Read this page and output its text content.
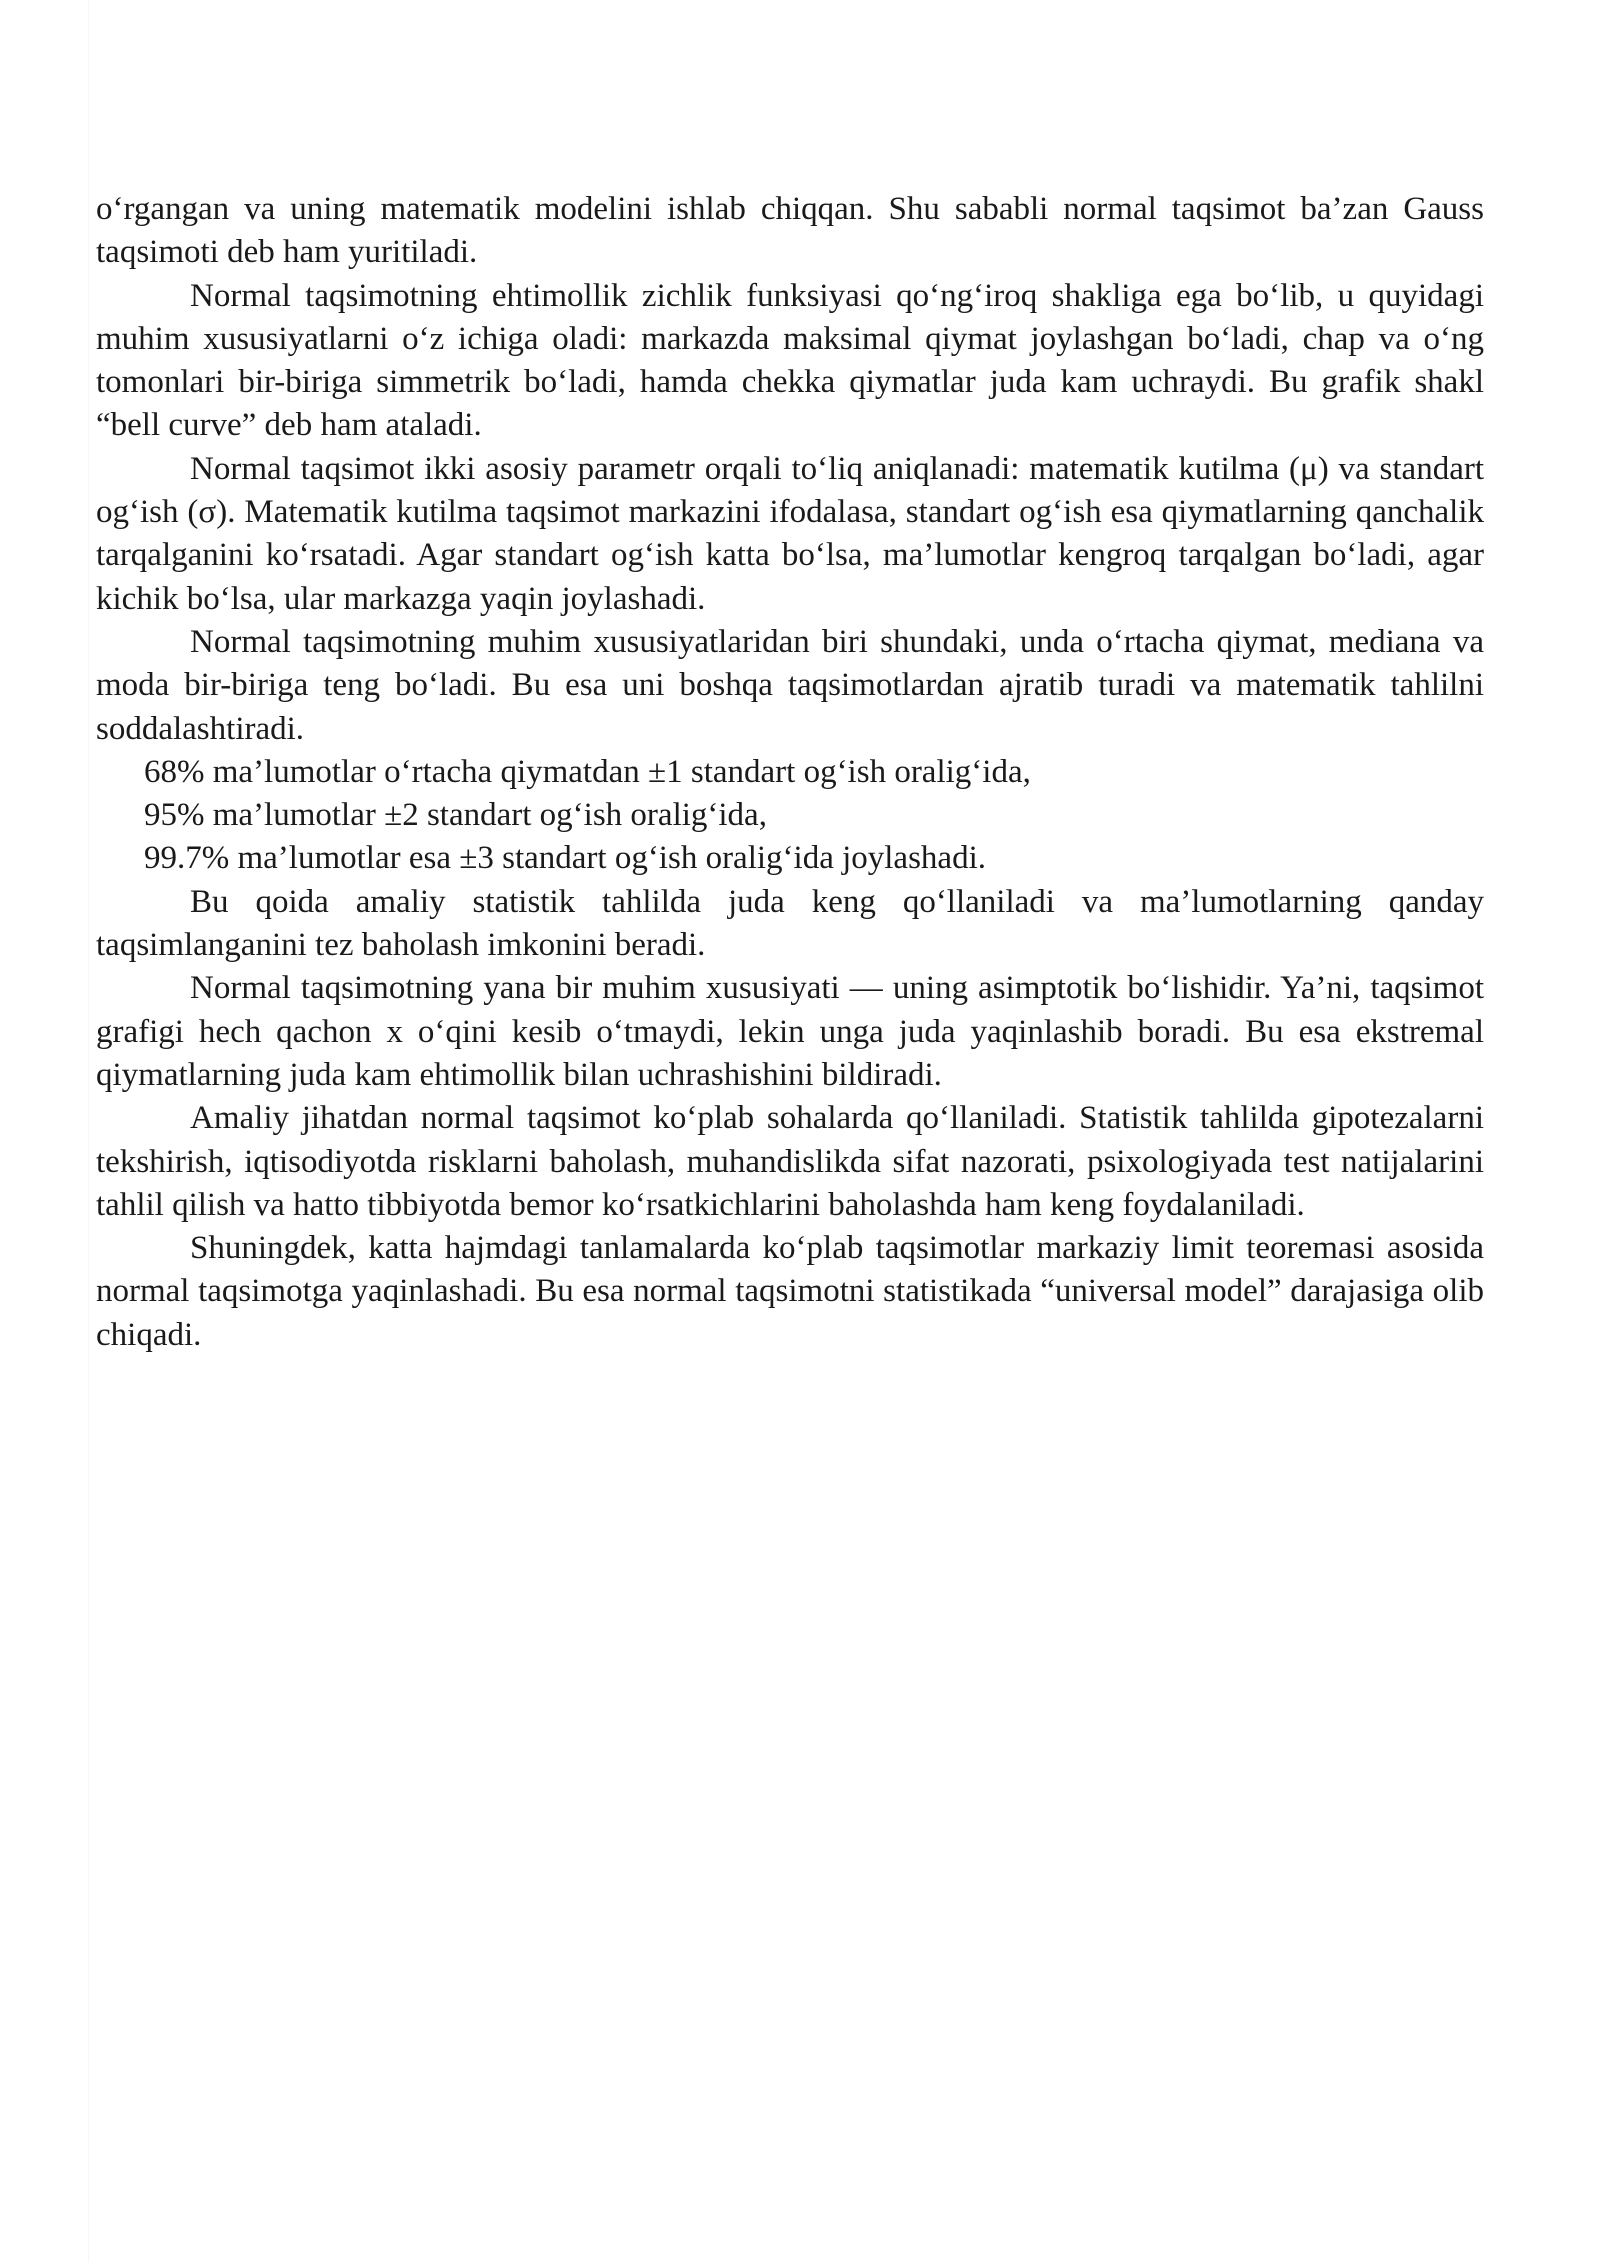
o‘rgangan va uning matematik modelini ishlab chiqqan. Shu sababli normal taqsimot ba’zan Gauss taqsimoti deb ham yuritiladi.

Normal taqsimotning ehtimollik zichlik funksiyasi qo‘ng‘iroq shakliga ega bo‘lib, u quyidagi muhim xususiyatlarni o‘z ichiga oladi: markazda maksimal qiymat joylashgan bo‘ladi, chap va o‘ng tomonlari bir-biriga simmetrik bo‘ladi, hamda chekka qiymatlar juda kam uchraydi. Bu grafik shakl “bell curve” deb ham ataladi.

Normal taqsimot ikki asosiy parametr orqali to‘liq aniqlanadi: matematik kutilma (μ) va standart og‘ish (σ). Matematik kutilma taqsimot markazini ifodalasa, standart og‘ish esa qiymatlarning qanchalik tarqalganini ko‘rsatadi. Agar standart og‘ish katta bo‘lsa, ma’lumotlar kengroq tarqalgan bo‘ladi, agar kichik bo‘lsa, ular markazga yaqin joylashadi.

Normal taqsimotning muhim xususiyatlaridan biri shundaki, unda o‘rtacha qiymat, mediana va moda bir-biriga teng bo‘ladi. Bu esa uni boshqa taqsimotlardan ajratib turadi va matematik tahlilni soddalashtiradi.

68% ma’lumotlar o‘rtacha qiymatdan ±1 standart og‘ish oralig‘ida,

95% ma’lumotlar ±2 standart og‘ish oralig‘ida,

99.7% ma’lumotlar esa ±3 standart og‘ish oralig‘ida joylashadi.

Bu qoida amaliy statistik tahlilda juda keng qo‘llaniladi va ma’lumotlarning qanday taqsimlanganini tez baholash imkonini beradi.

Normal taqsimotning yana bir muhim xususiyati — uning asimptotik bo‘lishidir. Ya’ni, taqsimot grafigi hech qachon x o‘qini kesib o‘tmaydi, lekin unga juda yaqinlashib boradi. Bu esa ekstremal qiymatlarning juda kam ehtimollik bilan uchrashishini bildiradi.

Amaliy jihatdan normal taqsimot ko‘plab sohalarda qo‘llaniladi. Statistik tahlilda gipotezalarni tekshirish, iqtisodiyotda risklarni baholash, muhandislikda sifat nazorati, psixologiyada test natijalarini tahlil qilish va hatto tibbiyotda bemor ko‘rsatkichlarini baholashda ham keng foydalaniladi.

Shuningdek, katta hajmdagi tanlamalarda ko‘plab taqsimotlar markaziy limit teoremasi asosida normal taqsimotga yaqinlashadi. Bu esa normal taqsimotni statistikada “universal model” darajasiga olib chiqadi.
